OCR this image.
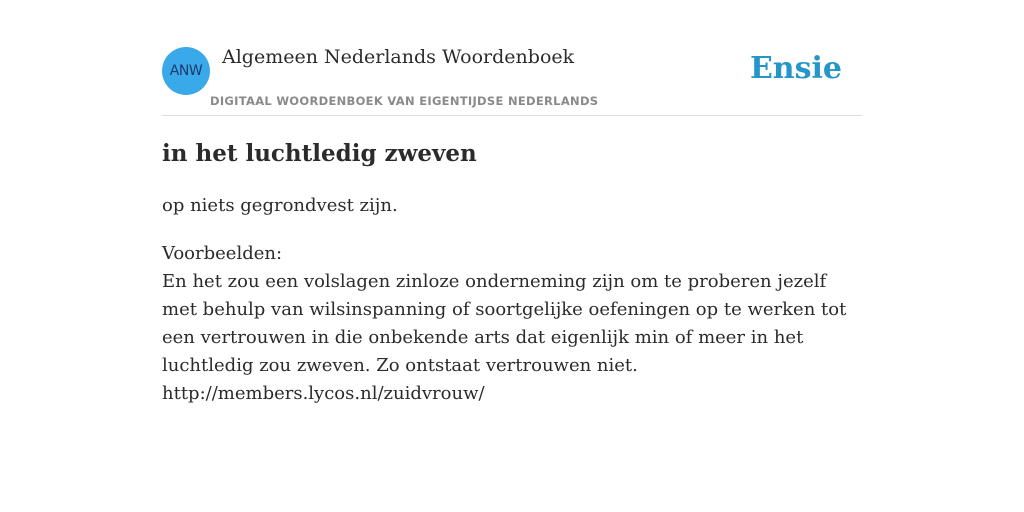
ANW
Algemeen Nederlands Woordenboek
DIGITAAL WOORDENBOEK VAN EIGENTIJDSE NEDERLANDS
Ensie
in het luchtledig zweven

op niets gegrondvest zijn.

Voorbeelden:
En het zou een volslagen zinloze onderneming zijn om te proberen jezelf met behulp van wilsinspanning of soortgelijke oefeningen op te werken tot een vertrouwen in die onbekende arts dat eigenlijk min of meer in het luchtledig zou zweven. Zo ontstaat vertrouwen niet.
http://members.lycos.nl/zuidvrouw/
